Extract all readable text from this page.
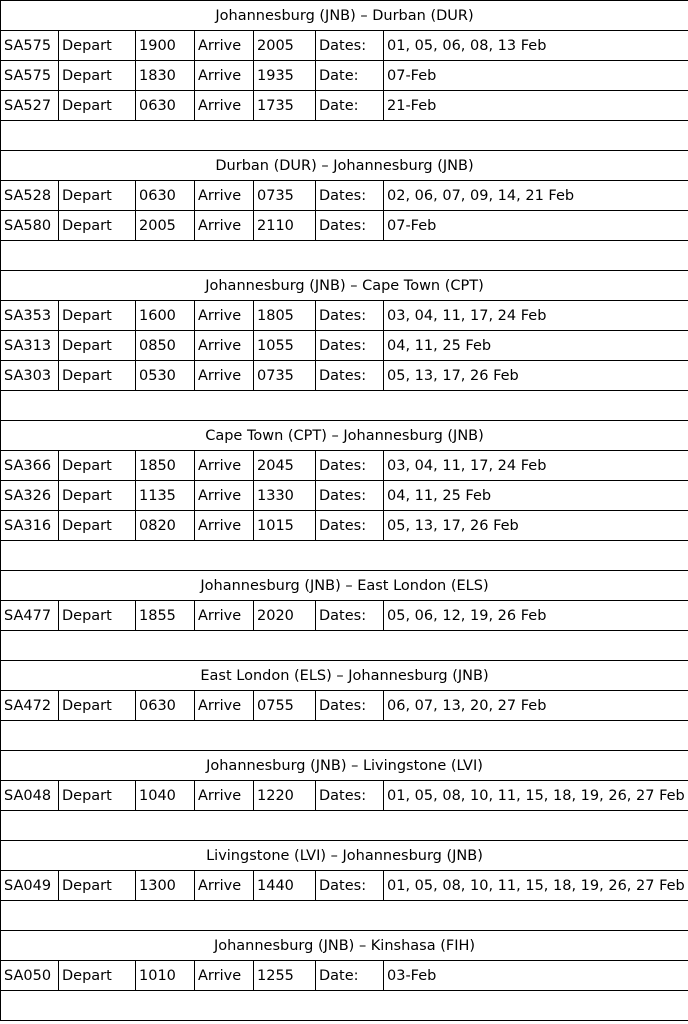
Johannesburg (JNB) – Durban (DUR)						
SA575	Depart	1900	Arrive	2005	Dates:	01, 05, 06, 08, 13 Feb
SA575	Depart	1830	Arrive	1935	Date:	07-Feb
SA527	Depart	0630	Arrive	1735	Date:	21-Feb

Durban (DUR) – Johannesburg (JNB)						
SA528	Depart	0630	Arrive	0735	Dates:	02, 06, 07, 09, 14, 21 Feb
SA580	Depart	2005	Arrive	2110	Dates:	07-Feb

Johannesburg (JNB) – Cape Town (CPT)						
SA353	Depart	1600	Arrive	1805	Dates:	03, 04, 11, 17, 24 Feb
SA313	Depart	0850	Arrive	1055	Dates:	04, 11, 25 Feb
SA303	Depart	0530	Arrive	0735	Dates:	05, 13, 17, 26 Feb

Cape Town (CPT) – Johannesburg (JNB)						
SA366	Depart	1850	Arrive	2045	Dates:	03, 04, 11, 17, 24 Feb
SA326	Depart	1135	Arrive	1330	Dates:	04, 11, 25 Feb
SA316	Depart	0820	Arrive	1015	Dates:	05, 13, 17, 26 Feb

Johannesburg (JNB) – East London (ELS)						
SA477	Depart	1855	Arrive	2020	Dates:	05, 06, 12, 19, 26 Feb

East London (ELS) – Johannesburg (JNB)						
SA472	Depart	0630	Arrive	0755	Dates:	06, 07, 13, 20, 27 Feb

Johannesburg (JNB) – Livingstone (LVI)						
SA048	Depart	1040	Arrive	1220	Dates:	01, 05, 08, 10, 11, 15, 18, 19, 26, 27 Feb

Livingstone (LVI) – Johannesburg (JNB)						
SA049	Depart	1300	Arrive	1440	Dates:	01, 05, 08, 10, 11, 15, 18, 19, 26, 27 Feb

Johannesburg (JNB) – Kinshasa (FIH)						
SA050	Depart	1010	Arrive	1255	Date:	03-Feb
